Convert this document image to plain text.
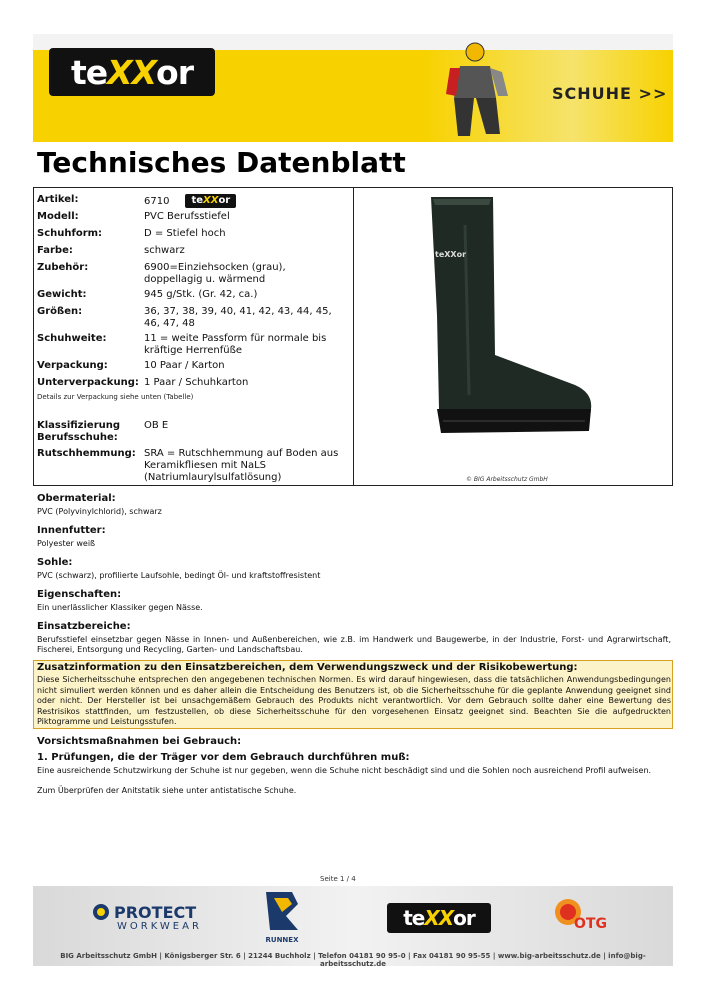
teXXor
SCHUHE >>
Technisches Datenblatt
Artikel:	6710 teXXor
Modell:	PVC Berufsstiefel
Schuhform:	D = Stiefel hoch
Farbe:	schwarz
Zubehör:	6900=Einziehsocken (grau), doppellagig u. wärmend
Gewicht:	945 g/Stk. (Gr. 42, ca.)
Größen:	36, 37, 38, 39, 40, 41, 42, 43, 44, 45, 46, 47, 48
Schuhweite:	11 = weite Passform für normale bis kräftige Herrenfüße
Verpackung:	10 Paar / Karton
Unterverpackung: 1 Paar / Schuhkarton
Details zur Verpackung siehe unten (Tabelle)
Klassifizierung Berufsschuhe:
OB E
Rutschhemmung: SRA = Rutschhemmung auf Boden aus Keramikfliesen mit NaLS (Natriumlaurylsulfatlösung)
teXXor
© BIG Arbeitsschutz GmbH
Obermaterial:
PVC (Polyvinylchlorid), schwarz
Innenfutter:
Polyester weiß
Sohle:
PVC (schwarz), profilierte Laufsohle, bedingt Öl- und kraftstoffresistent
Eigenschaften:
Ein unerlässlicher Klassiker gegen Nässe.
Einsatzbereiche:
Berufsstiefel einsetzbar gegen Nässe in Innen- und Außenbereichen, wie z.B. im Handwerk und Baugewerbe, in der Industrie, Forst- und Agrarwirtschaft, Fischerei, Entsorgung und Recycling, Garten- und Landschaftsbau.
Zusatzinformation zu den Einsatzbereichen, dem Verwendungszweck und der Risikobewertung:
Diese Sicherheitsschuhe entsprechen den angegebenen technischen Normen. Es wird darauf hingewiesen, dass die tatsächlichen Anwendungsbedingungen nicht simuliert werden können und es daher allein die Entscheidung des Benutzers ist, ob die Sicherheitsschuhe für die geplante Anwendung geeignet sind oder nicht. Der Hersteller ist bei unsachgemäßem Gebrauch des Produkts nicht verantwortlich. Vor dem Gebrauch sollte daher eine Bewertung des Restrisikos stattfinden, um festzustellen, ob diese Sicherheitsschuhe für den vorgesehenen Einsatz geeignet sind. Beachten Sie die aufgedruckten Piktogramme und Leistungsstufen.
Vorsichtsmaßnahmen bei Gebrauch:
1. Prüfungen, die der Träger vor dem Gebrauch durchführen muß:
Eine ausreichende Schutzwirkung der Schuhe ist nur gegeben, wenn die Schuhe nicht beschädigt sind und die Sohlen noch ausreichend Profil aufweisen.
Zum Überprüfen der Anitstatik siehe unter antistatische Schuhe.
Seite 1 / 4
PROTECT
WORKWEAR
RUNNEX
teXXor	OTG
BIG Arbeitsschutz GmbH | Königsberger Str. 6 | 21244 Buchholz | Telefon 04181 90 95-0 | Fax 04181 90 95-55 | www.big-arbeitsschutz.de | info@big-arbeitsschutz.de
